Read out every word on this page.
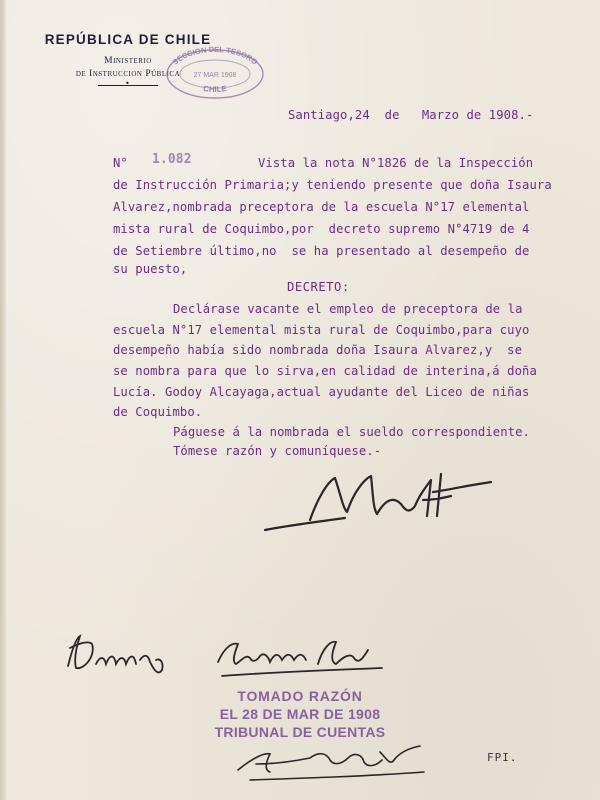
REPÚBLICA DE CHILE
Ministerio
de Instruccion Pública
•
SECCION DEL TESORO
CHILE
27 MAR 1908
Santiago,24  de   Marzo de 1908.-
N° 1.082	Vista la nota N°1826 de la Inspección
de Instrucción Primaria;y teniendo presente que doña Isaura
Alvarez,nombrada preceptora de la escuela N°17 elemental
mista rural de Coquimbo,por  decreto supremo N°4719 de 4
de Setiembre último,no  se ha presentado al desempeño de
su puesto,
DECRETO:
Declárase vacante el empleo de preceptora de la
escuela N°17 elemental mista rural de Coquimbo,para cuyo
desempeño había sido nombrada doña Isaura Alvarez,y  se
se nombra para que lo sirva,en calidad de interina,á doña
Lucía. Godoy Alcayaga,actual ayudante del Liceo de niñas
de Coquimbo.
Páguese á la nombrada el sueldo correspondiente.
Tómese razón y comuníquese.-
TOMADO RAZÓN
EL 28 DE MAR DE 1908
TRIBUNAL DE CUENTAS
FPI.
